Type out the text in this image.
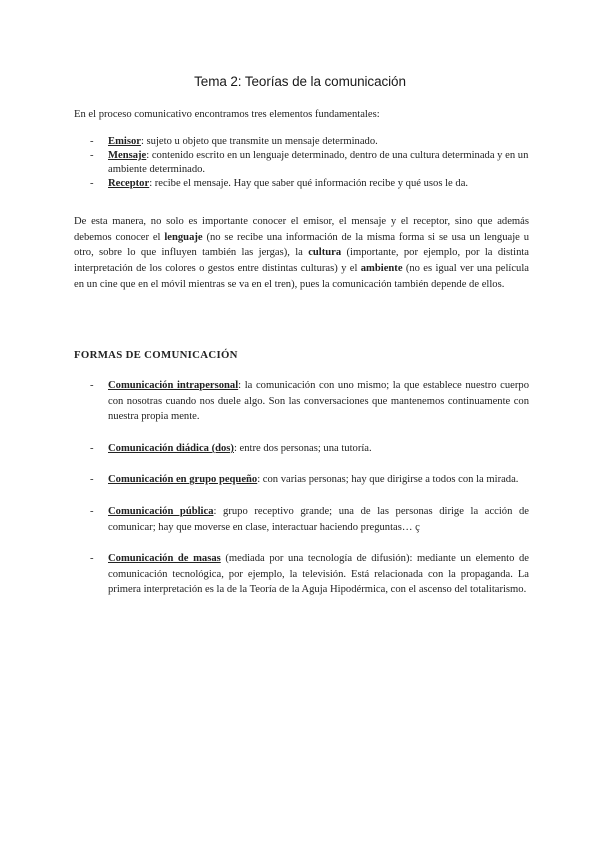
Tema 2: Teorías de la comunicación

En el proceso comunicativo encontramos tres elementos fundamentales:

- Emisor: sujeto u objeto que transmite un mensaje determinado.
- Mensaje: contenido escrito en un lenguaje determinado, dentro de una cultura determinada y en un ambiente determinado.
- Receptor: recibe el mensaje. Hay que saber qué información recibe y qué usos le da.

De esta manera, no solo es importante conocer el emisor, el mensaje y el receptor, sino que además debemos conocer el lenguaje (no se recibe una información de la misma forma si se usa un lenguaje u otro, sobre lo que influyen también las jergas), la cultura (importante, por ejemplo, por la distinta interpretación de los colores o gestos entre distintas culturas) y el ambiente (no es igual ver una película en un cine que en el móvil mientras se va en el tren), pues la comunicación también depende de ellos.

FORMAS DE COMUNICACIÓN
- Comunicación intrapersonal: la comunicación con uno mismo; la que establece nuestro cuerpo con nosotras cuando nos duele algo. Son las conversaciones que mantenemos continuamente con nuestra propia mente.
- Comunicación diádica (dos): entre dos personas; una tutoría.
- Comunicación en grupo pequeño: con varias personas; hay que dirigirse a todos con la mirada.
- Comunicación pública: grupo receptivo grande; una de las personas dirige la acción de comunicar; hay que moverse en clase, interactuar haciendo preguntas… ç
- Comunicación de masas (mediada por una tecnología de difusión): mediante un elemento de comunicación tecnológica, por ejemplo, la televisión. Está relacionada con la propaganda. La primera interpretación es la de la Teoría de la Aguja Hipodérmica, con el ascenso del totalitarismo.
